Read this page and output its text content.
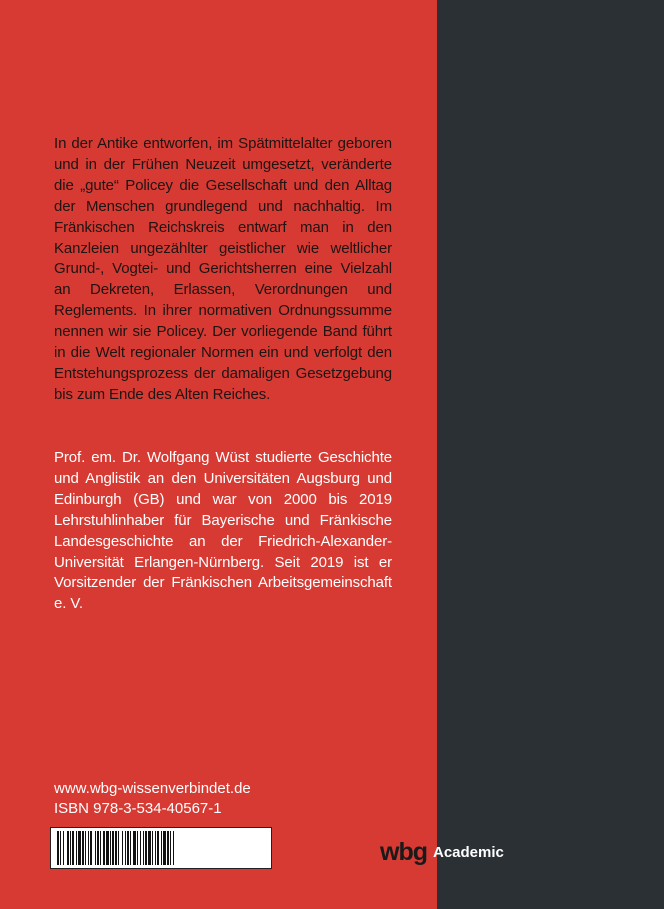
In der Antike entworfen, im Spätmittelalter geboren und in der Frühen Neuzeit umgesetzt, veränderte die „gute“ Policey die Gesellschaft und den Alltag der Menschen grundlegend und nachhaltig. Im Fränkischen Reichskreis entwarf man in den Kanzleien ungezählter geistlicher wie weltlicher Grund-, Vogtei- und Gerichtsherren eine Vielzahl an Dekreten, Erlassen, Verordnungen und Reglements. In ihrer normativen Ordnungssumme nennen wir sie Policey. Der vorliegende Band führt in die Welt regionaler Normen ein und verfolgt den Entstehungsprozess der damaligen Gesetzgebung bis zum Ende des Alten Reiches.

Prof. em. Dr. Wolfgang Wüst studierte Geschichte und Anglistik an den Universitäten Augsburg und Edinburgh (GB) und war von 2000 bis 2019 Lehrstuhlinhaber für Bayerische und Fränkische Landesgeschichte an der Friedrich-Alexander-Universität Erlangen-Nürnberg. Seit 2019 ist er Vorsitzender der Fränkischen Arbeitsgemeinschaft e. V.

www.wbg-wissenverbindet.de
ISBN 978-3-534-40567-1
wbg Academic
